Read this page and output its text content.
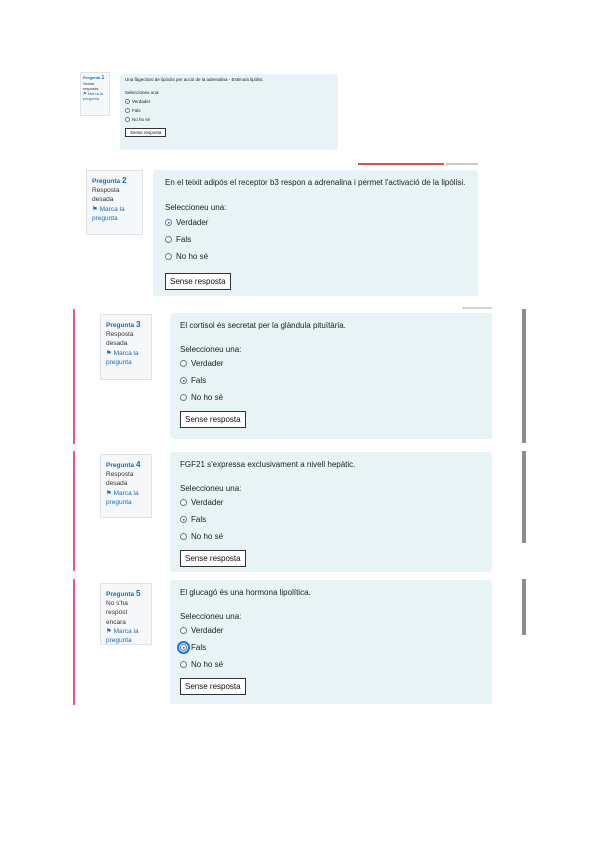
Pregunta 1
Sense resposta
⚑ Marca la pregunta
Una fàgecitosi de lipòcits per acció de la adrenalina - Estimula lipòlisi.
Seleccioneu una:
Verdader
Fals
No ho sé
Sense resposta
Pregunta 2
Resposta desada
⚑ Marca la pregunta
En el teixit adipós el receptor b3 respon a adrenalina i permet l'activació de la lipòlisi.
Seleccioneu una:
Verdader
Fals
No ho sé
Sense resposta
Pregunta 3
Resposta desada
⚑ Marca la pregunta
El cortisol és secretat per la glàndula pituïtària.
Seleccioneu una:
Verdader
Fals
No ho sé
Sense resposta
Pregunta 4
Resposta desada
⚑ Marca la pregunta
FGF21 s'expressa exclusivament a nivell hepàtic.
Seleccioneu una:
Verdader
Fals
No ho sé
Sense resposta
Pregunta 5
No s'ha respost encara
⚑ Marca la pregunta
El glucagó és una hormona lipolítica.
Seleccioneu una:
Verdader
Fals
No ho sé
Sense resposta
